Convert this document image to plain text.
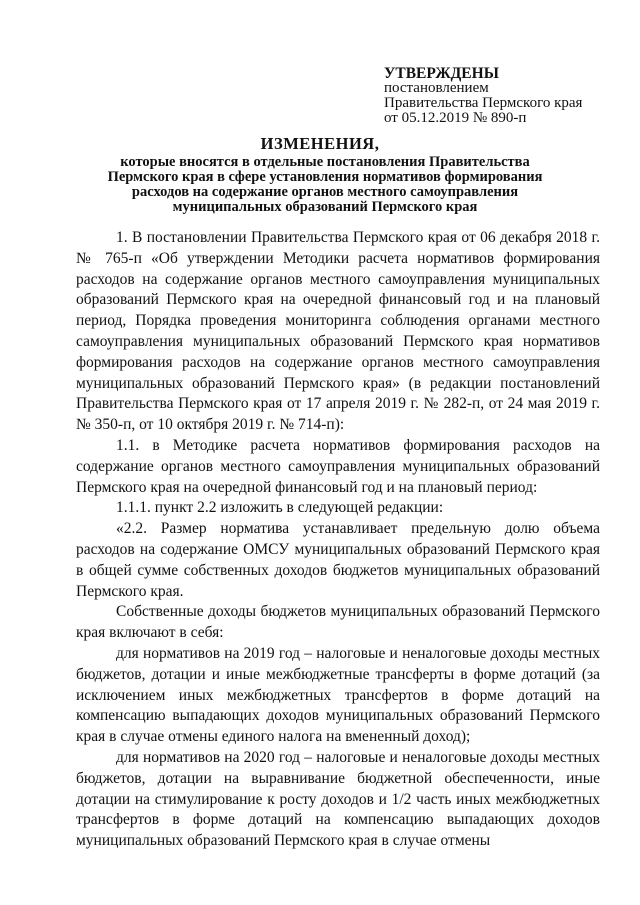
УТВЕРЖДЕНЫ
постановлением
Правительства Пермского края
от 05.12.2019 № 890-п
ИЗМЕНЕНИЯ,
которые вносятся в отдельные постановления Правительства
Пермского края в сфере установления нормативов формирования
расходов на содержание органов местного самоуправления
муниципальных образований Пермского края

1. В постановлении Правительства Пермского края от 06 декабря 2018 г. № 765-п «Об утверждении Методики расчета нормативов формирования расходов на содержание органов местного самоуправления муниципальных образований Пермского края на очередной финансовый год и на плановый период, Порядка проведения мониторинга соблюдения органами местного самоуправления муниципальных образований Пермского края нормативов формирования расходов на содержание органов местного самоуправления муниципальных образований Пермского края» (в редакции постановлений Правительства Пермского края от 17 апреля 2019 г. № 282-п, от 24 мая 2019 г. № 350-п, от 10 октября 2019 г. № 714-п):

1.1. в Методике расчета нормативов формирования расходов на содержание органов местного самоуправления муниципальных образований Пермского края на очередной финансовый год и на плановый период:

1.1.1. пункт 2.2 изложить в следующей редакции:

«2.2. Размер норматива устанавливает предельную долю объема расходов на содержание ОМСУ муниципальных образований Пермского края в общей сумме собственных доходов бюджетов муниципальных образований Пермского края.

Собственные доходы бюджетов муниципальных образований Пермского края включают в себя:

для нормативов на 2019 год – налоговые и неналоговые доходы местных бюджетов, дотации и иные межбюджетные трансферты в форме дотаций (за исключением иных межбюджетных трансфертов в форме дотаций на компенсацию выпадающих доходов муниципальных образований Пермского края в случае отмены единого налога на вмененный доход);

для нормативов на 2020 год – налоговые и неналоговые доходы местных бюджетов, дотации на выравнивание бюджетной обеспеченности, иные дотации на стимулирование к росту доходов и 1/2 часть иных межбюджетных трансфертов в форме дотаций на компенсацию выпадающих доходов муниципальных образований Пермского края в случае отмены
